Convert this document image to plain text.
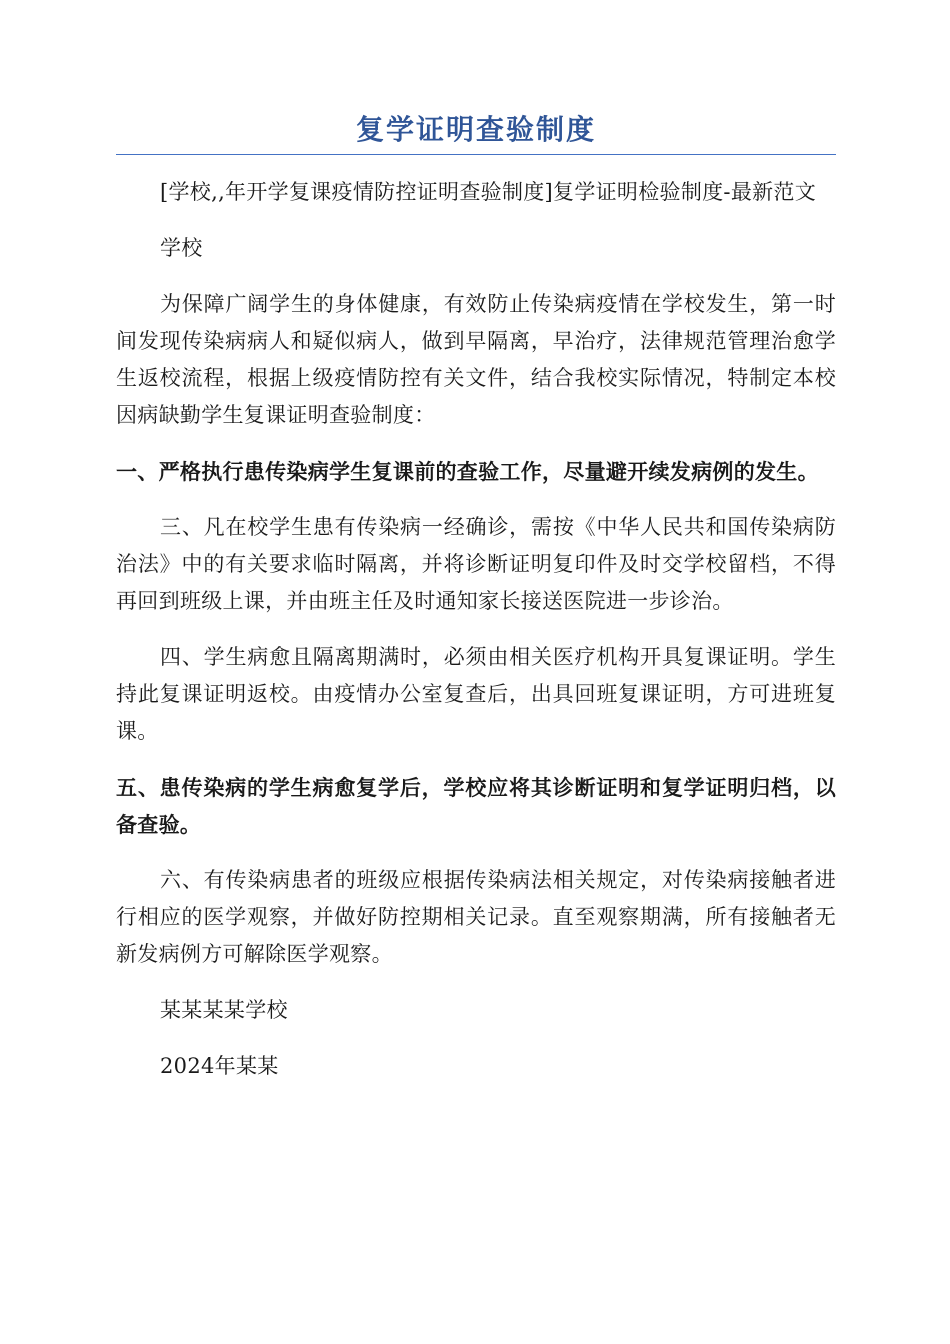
复学证明查验制度

[学校,,年开学复课疫情防控证明查验制度]复学证明检验制度-最新范文

学校

为保障广阔学生的身体健康，有效防止传染病疫情在学校发生，第一时间发现传染病病人和疑似病人，做到早隔离，早治疗，法律规范管理治愈学生返校流程，根据上级疫情防控有关文件，结合我校实际情况，特制定本校因病缺勤学生复课证明查验制度：

一、严格执行患传染病学生复课前的查验工作，尽量避开续发病例的发生。

三、凡在校学生患有传染病一经确诊，需按《中华人民共和国传染病防治法》中的有关要求临时隔离，并将诊断证明复印件及时交学校留档，不得再回到班级上课，并由班主任及时通知家长接送医院进一步诊治。

四、学生病愈且隔离期满时，必须由相关医疗机构开具复课证明。学生持此复课证明返校。由疫情办公室复查后，出具回班复课证明，方可进班复课。

五、患传染病的学生病愈复学后，学校应将其诊断证明和复学证明归档，以备查验。

六、有传染病患者的班级应根据传染病法相关规定，对传染病接触者进行相应的医学观察，并做好防控期相关记录。直至观察期满，所有接触者无新发病例方可解除医学观察。

某某某某学校

2024年某某
